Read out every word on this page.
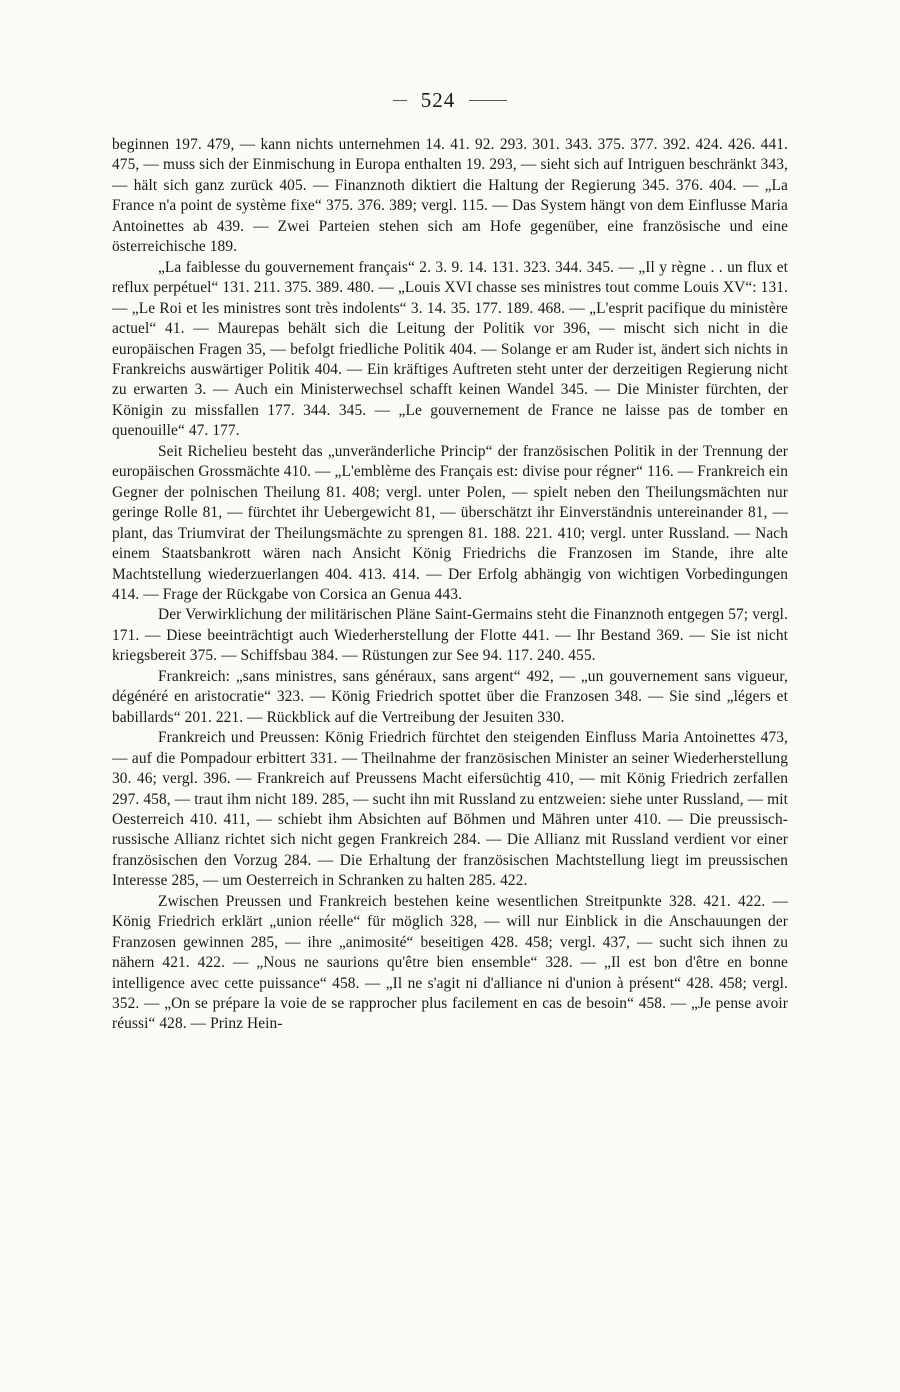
524

beginnen 197. 479, — kann nichts unternehmen 14. 41. 92. 293. 301. 343. 375. 377. 392. 424. 426. 441. 475, — muss sich der Einmischung in Europa enthalten 19. 293, — sieht sich auf Intriguen beschränkt 343, — hält sich ganz zurück 405. — Finanznoth diktiert die Haltung der Regierung 345. 376. 404. — „La France n'a point de système fixe“ 375. 376. 389; vergl. 115. — Das System hängt von dem Einflusse Maria Antoinettes ab 439. — Zwei Parteien stehen sich am Hofe gegenüber, eine französische und eine österreichische 189.

„La faiblesse du gouvernement français“ 2. 3. 9. 14. 131. 323. 344. 345. — „Il y règne . . un flux et reflux perpétuel“ 131. 211. 375. 389. 480. — „Louis XVI chasse ses ministres tout comme Louis XV“: 131. — „Le Roi et les ministres sont très indolents“ 3. 14. 35. 177. 189. 468. — „L'esprit pacifique du ministère actuel“ 41. — Maurepas behält sich die Leitung der Politik vor 396, — mischt sich nicht in die europäischen Fragen 35, — befolgt friedliche Politik 404. — Solange er am Ruder ist, ändert sich nichts in Frankreichs auswärtiger Politik 404. — Ein kräftiges Auftreten steht unter der derzeitigen Regierung nicht zu erwarten 3. — Auch ein Ministerwechsel schafft keinen Wandel 345. — Die Minister fürchten, der Königin zu missfallen 177. 344. 345. — „Le gouvernement de France ne laisse pas de tomber en quenouille“ 47. 177.

Seit Richelieu besteht das „unveränderliche Princip“ der französischen Politik in der Trennung der europäischen Grossmächte 410. — „L'emblème des Français est: divise pour régner“ 116. — Frankreich ein Gegner der polnischen Theilung 81. 408; vergl. unter Polen, — spielt neben den Theilungsmächten nur geringe Rolle 81, — fürchtet ihr Uebergewicht 81, — überschätzt ihr Einverständnis untereinander 81, — plant, das Triumvirat der Theilungsmächte zu sprengen 81. 188. 221. 410; vergl. unter Russland. — Nach einem Staatsbankrott wären nach Ansicht König Friedrichs die Franzosen im Stande, ihre alte Machtstellung wiederzuerlangen 404. 413. 414. — Der Erfolg abhängig von wichtigen Vorbedingungen 414. — Frage der Rückgabe von Corsica an Genua 443.

Der Verwirklichung der militärischen Pläne Saint-Germains steht die Finanznoth entgegen 57; vergl. 171. — Diese beeinträchtigt auch Wiederherstellung der Flotte 441. — Ihr Bestand 369. — Sie ist nicht kriegsbereit 375. — Schiffsbau 384. — Rüstungen zur See 94. 117. 240. 455.

Frankreich: „sans ministres, sans généraux, sans argent“ 492, — „un gouvernement sans vigueur, dégénéré en aristocratie“ 323. — König Friedrich spottet über die Franzosen 348. — Sie sind „légers et babillards“ 201. 221. — Rückblick auf die Vertreibung der Jesuiten 330.

Frankreich und Preussen: König Friedrich fürchtet den steigenden Einfluss Maria Antoinettes 473, — auf die Pompadour erbittert 331. — Theilnahme der französischen Minister an seiner Wiederherstellung 30. 46; vergl. 396. — Frankreich auf Preussens Macht eifersüchtig 410, — mit König Friedrich zerfallen 297. 458, — traut ihm nicht 189. 285, — sucht ihn mit Russland zu entzweien: siehe unter Russland, — mit Oesterreich 410. 411, — schiebt ihm Absichten auf Böhmen und Mähren unter 410. — Die preussisch-russische Allianz richtet sich nicht gegen Frankreich 284. — Die Allianz mit Russland verdient vor einer französischen den Vorzug 284. — Die Erhaltung der französischen Machtstellung liegt im preussischen Interesse 285, — um Oesterreich in Schranken zu halten 285. 422.

Zwischen Preussen und Frankreich bestehen keine wesentlichen Streitpunkte 328. 421. 422. — König Friedrich erklärt „union réelle“ für möglich 328, — will nur Einblick in die Anschauungen der Franzosen gewinnen 285, — ihre „animosité“ beseitigen 428. 458; vergl. 437, — sucht sich ihnen zu nähern 421. 422. — „Nous ne saurions qu'être bien ensemble“ 328. — „Il est bon d'être en bonne intelligence avec cette puissance“ 458. — „Il ne s'agit ni d'alliance ni d'union à présent“ 428. 458; vergl. 352. — „On se prépare la voie de se rapprocher plus facilement en cas de besoin“ 458. — „Je pense avoir réussi“ 428. — Prinz Hein-
